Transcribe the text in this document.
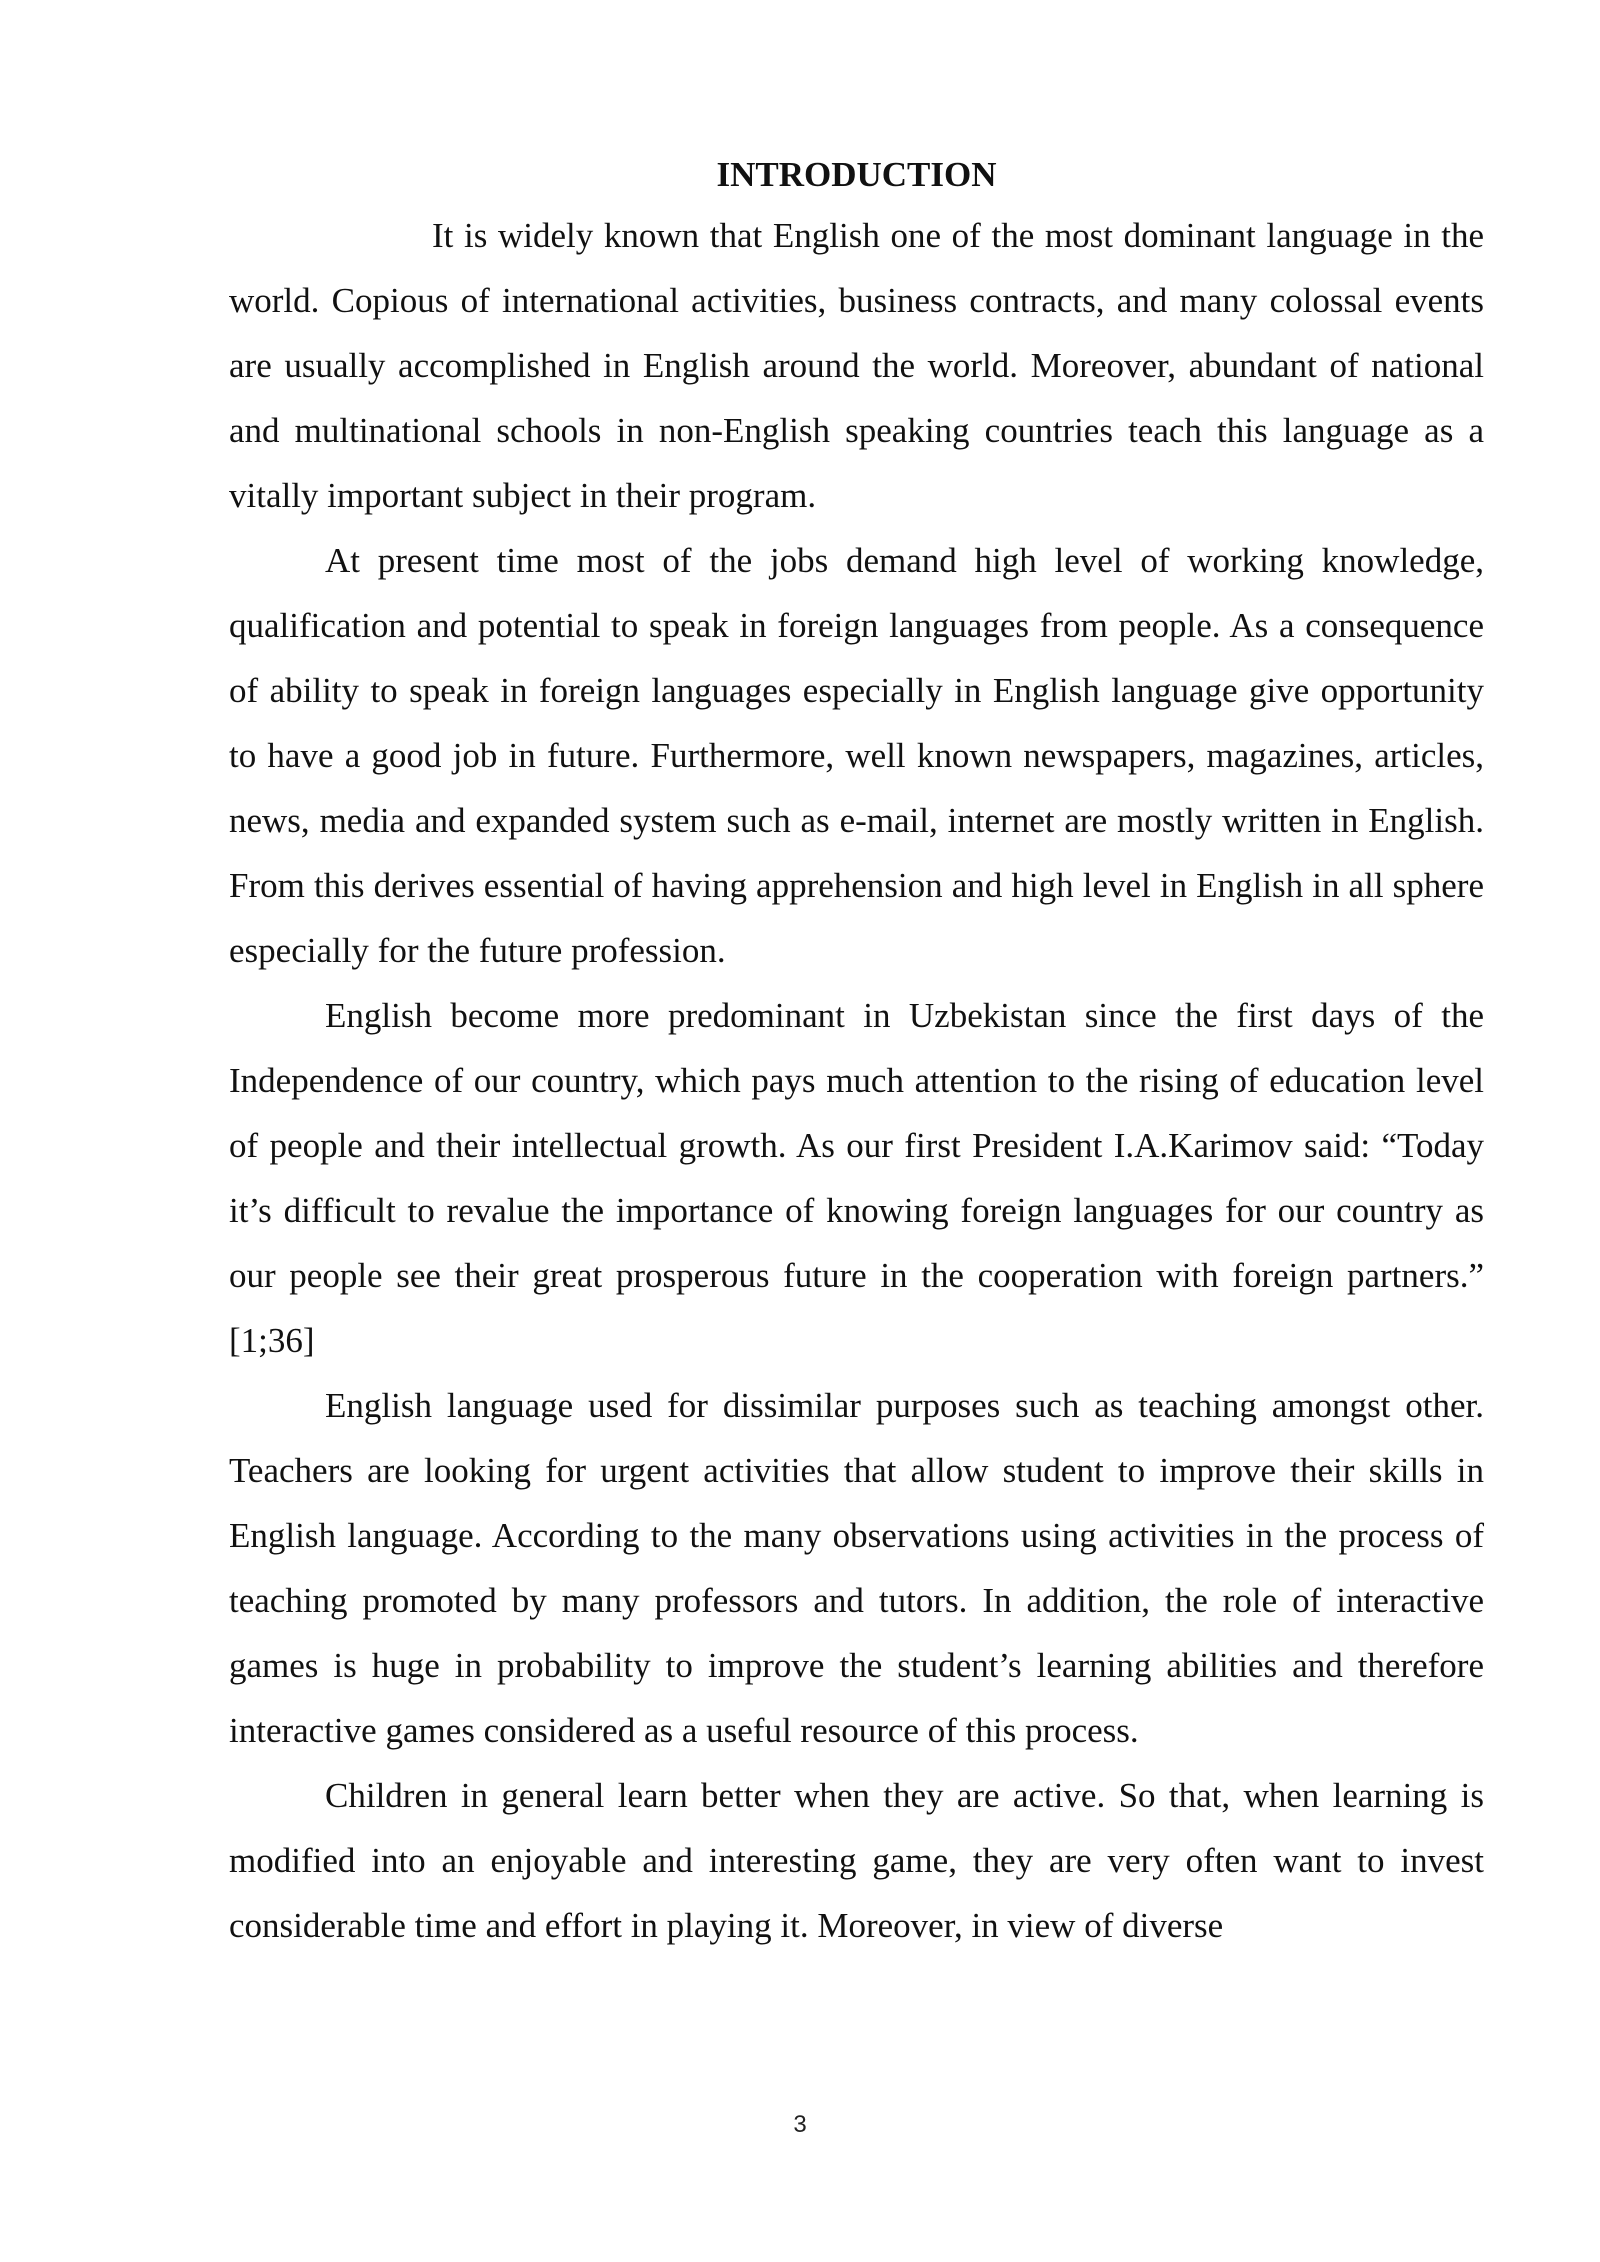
INTRODUCTION

It is widely known that English one of the most dominant language in the world. Copious of international activities, business contracts, and many colossal events are usually accomplished in English around the world. Moreover, abundant of national and multinational schools in non-English speaking countries teach this language as a vitally important subject in their program.

At present time most of the jobs demand high level of working knowledge, qualification and potential to speak in foreign languages from people. As a consequence of ability to speak in foreign languages especially in English language give opportunity to have a good job in future. Furthermore, well known newspapers, magazines, articles, news, media and expanded system such as e-mail, internet are mostly written in English. From this derives essential of having apprehension and high level in English in all sphere especially for the future profession.

English become more predominant in Uzbekistan since the first days of the Independence of our country, which pays much attention to the rising of education level of people and their intellectual growth. As our first President I.A.Karimov said: “Today it’s difficult to revalue the importance of knowing foreign languages for our country as our people see their great prosperous future in the cooperation with foreign partners.” [1;36]

English language used for dissimilar purposes such as teaching amongst other. Teachers are looking for urgent activities that allow student to improve their skills in English language. According to the many observations using activities in the process of teaching promoted by many professors and tutors. In addition, the role of interactive games is huge in probability to improve the student’s learning abilities and therefore interactive games considered as a useful resource of this process.

Children in general learn better when they are active. So that, when learning is modified into an enjoyable and interesting game, they are very often want to invest considerable time and effort in playing it. Moreover, in view of diverse

3
